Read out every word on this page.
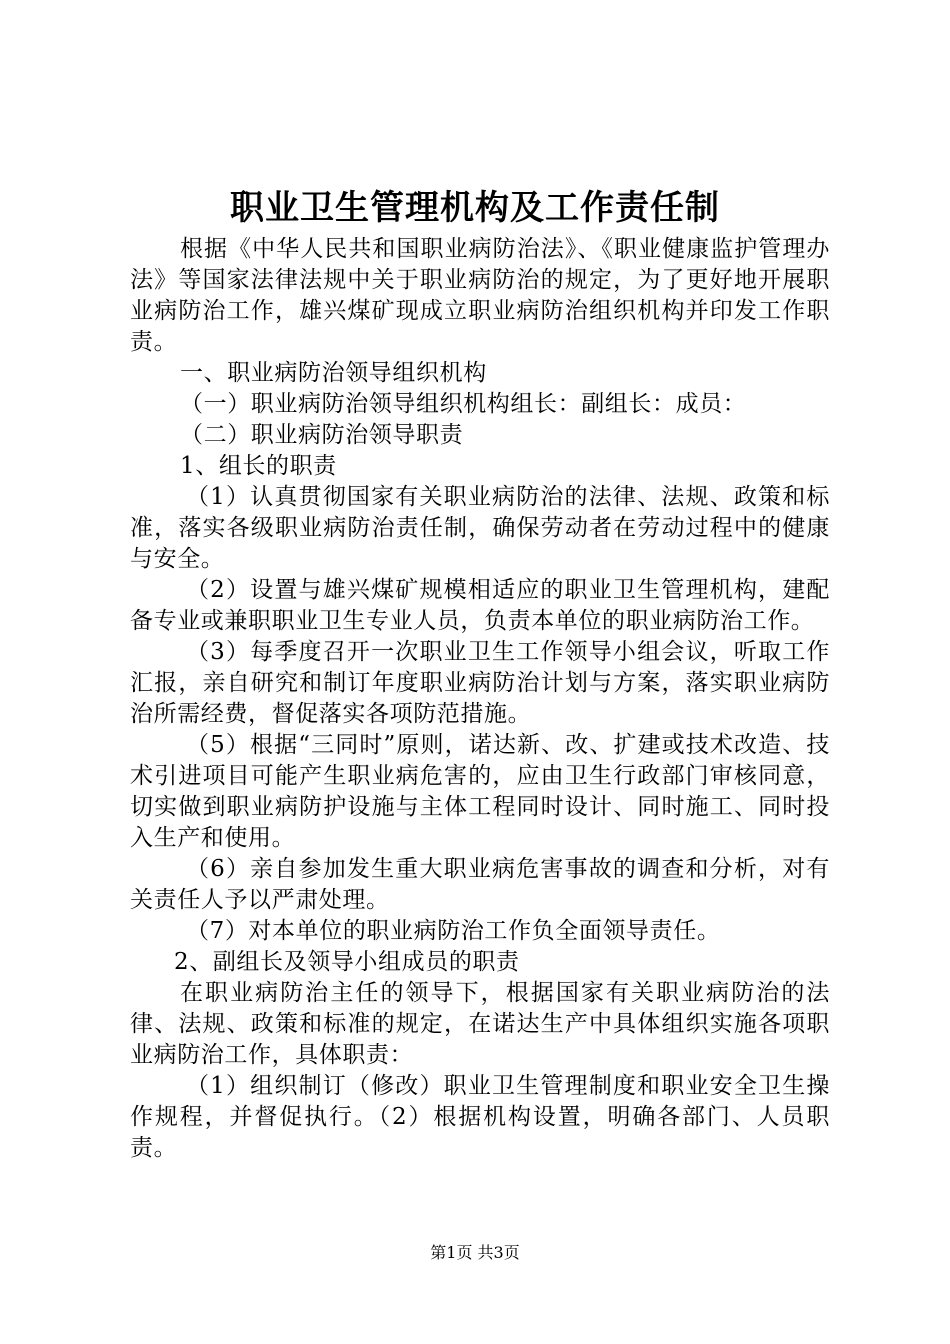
职业卫生管理机构及工作责任制

根据《中华人民共和国职业病防治法》、《职业健康监护管理办法》等国家法律法规中关于职业病防治的规定，为了更好地开展职业病防治工作，雄兴煤矿现成立职业病防治组织机构并印发工作职责。

一、职业病防治领导组织机构

（一）职业病防治领导组织机构组长：副组长：成员：

（二）职业病防治领导职责

1、组长的职责

（1）认真贯彻国家有关职业病防治的法律、法规、政策和标准，落实各级职业病防治责任制，确保劳动者在劳动过程中的健康与安全。

（2）设置与雄兴煤矿规模相适应的职业卫生管理机构，建配备专业或兼职职业卫生专业人员，负责本单位的职业病防治工作。

（3）每季度召开一次职业卫生工作领导小组会议，听取工作汇报，亲自研究和制订年度职业病防治计划与方案，落实职业病防治所需经费，督促落实各项防范措施。

（5）根据“三同时”原则，诺达新、改、扩建或技术改造、技术引进项目可能产生职业病危害的，应由卫生行政部门审核同意，切实做到职业病防护设施与主体工程同时设计、同时施工、同时投入生产和使用。

（6）亲自参加发生重大职业病危害事故的调查和分析，对有关责任人予以严肃处理。

（7）对本单位的职业病防治工作负全面领导责任。

2、副组长及领导小组成员的职责

在职业病防治主任的领导下，根据国家有关职业病防治的法律、法规、政策和标准的规定，在诺达生产中具体组织实施各项职业病防治工作，具体职责：

（1）组织制订（修改）职业卫生管理制度和职业安全卫生操作规程，并督促执行。（2）根据机构设置，明确各部门、人员职责。

第1页 共3页
